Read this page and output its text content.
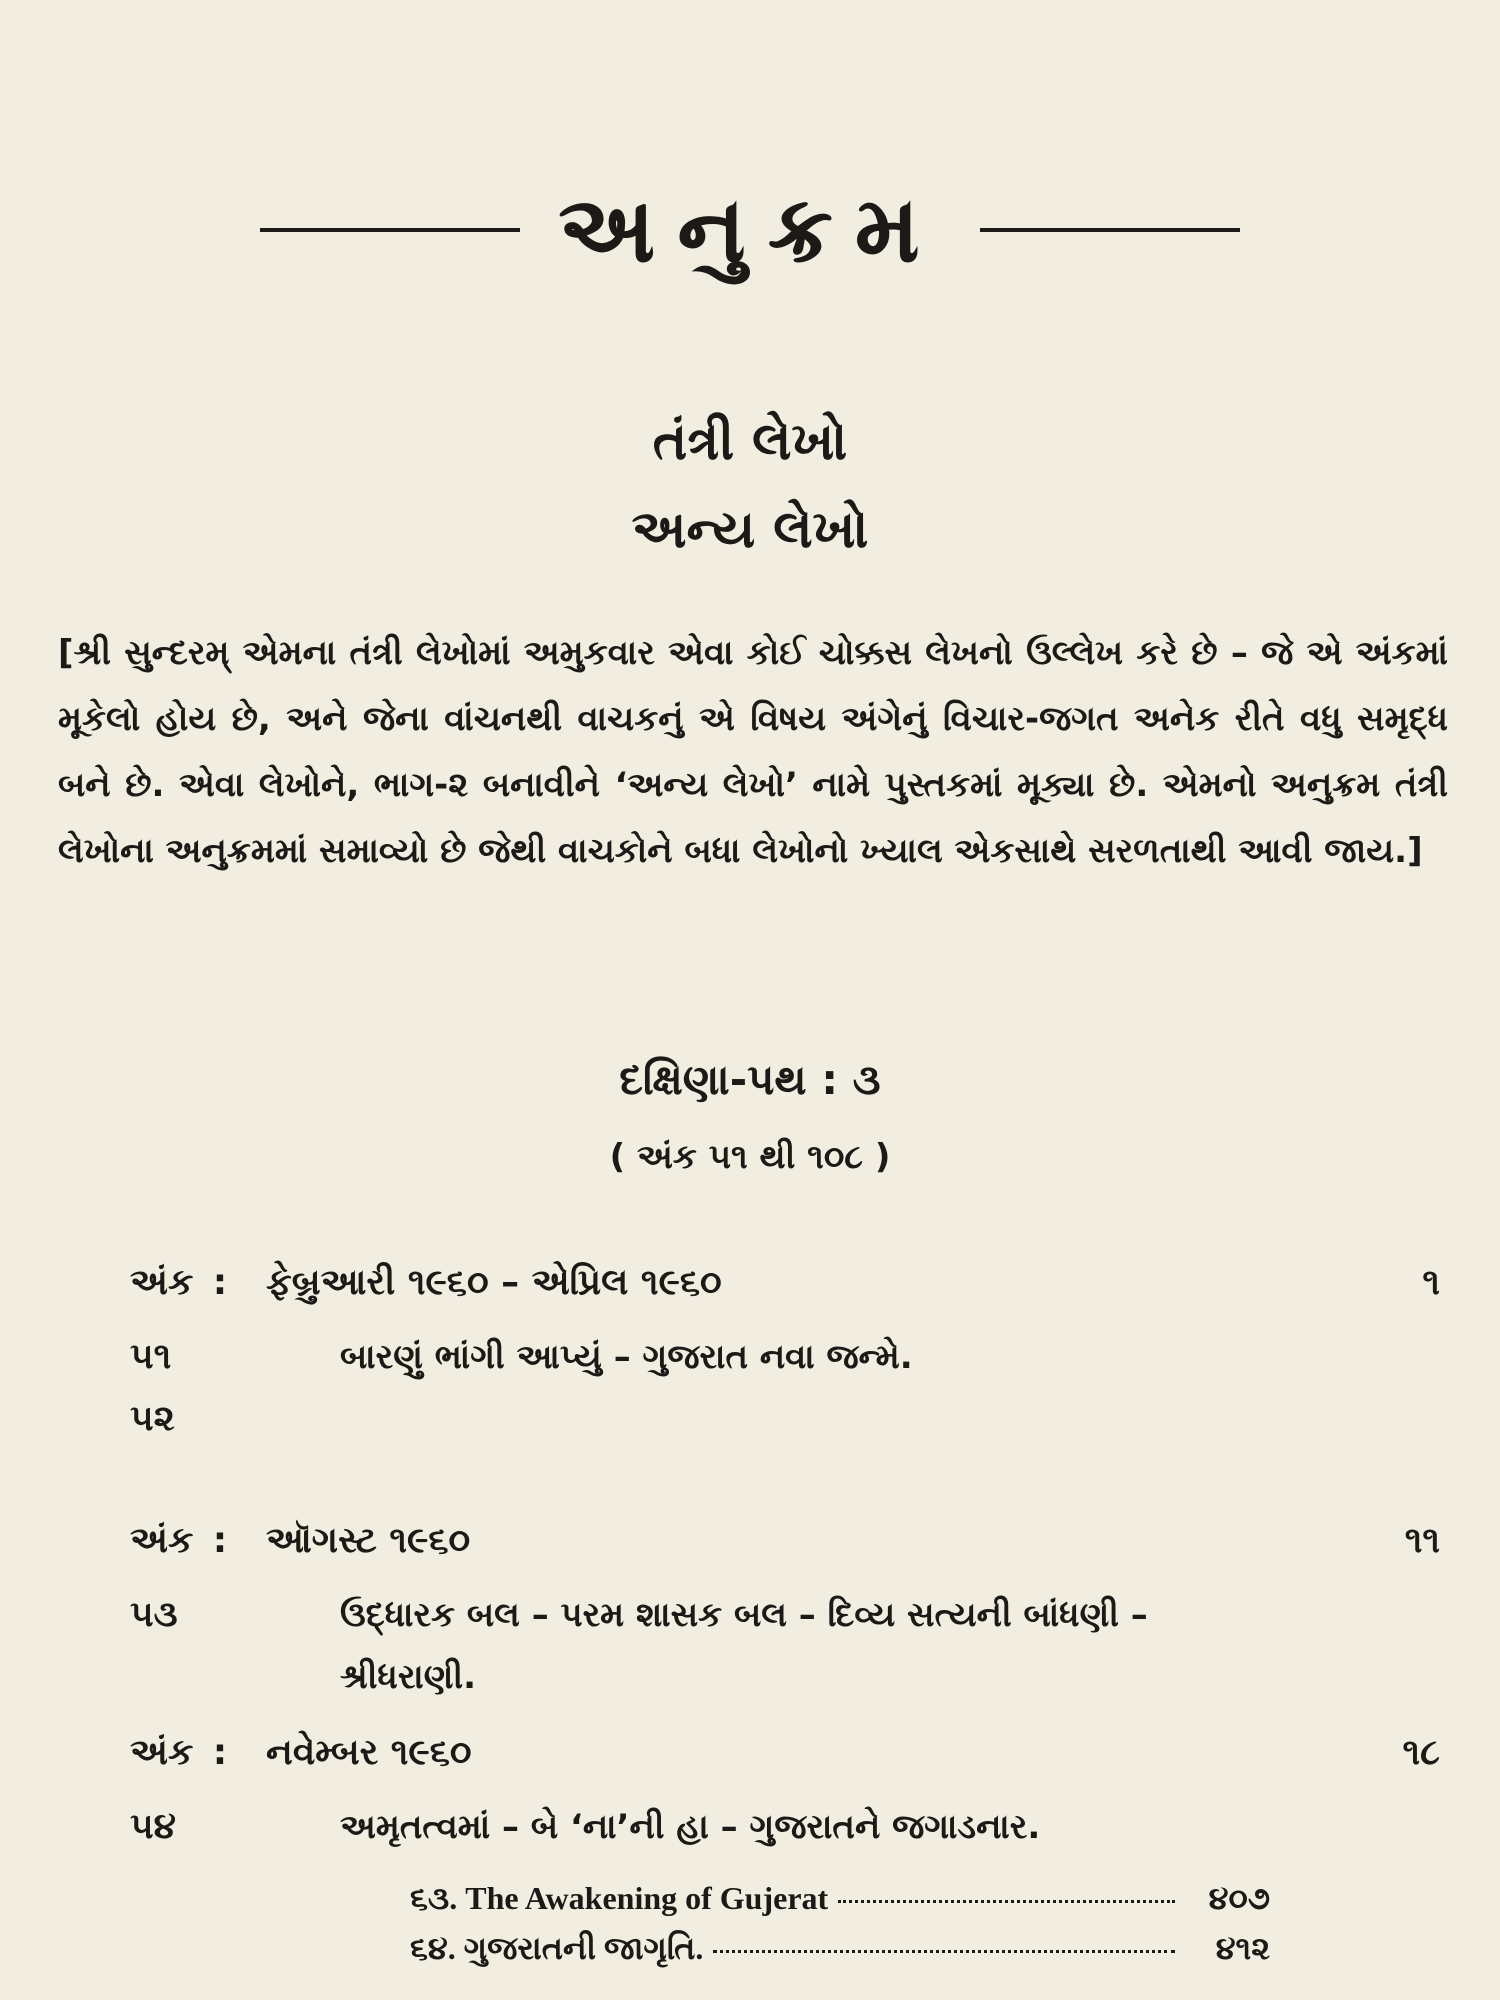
અનુક્રમ
તંત્રી લેખો
અન્ય લેખો
[શ્રી સુન્દરમ્ એમના તંત્રી લેખોમાં અમુકવાર એવા કોઈ ચોક્કસ લેખનો ઉલ્લેખ કરે છે – જે એ અંકમાં મૂકેલો હોય છે, અને જેના વાંચનથી વાચકનું એ વિષય અંગેનું વિચાર-જગત અનેક રીતે વધુ સમૃદ્ધ બને છે. એવા લેખોને, ભાગ-૨ બનાવીને ‘અન્ય લેખો’ નામે પુસ્તકમાં મૂક્યા છે. એમનો અનુક્રમ તંત્રી લેખોના અનુક્રમમાં સમાવ્યો છે જેથી વાચકોને બધા લેખોનો ખ્યાલ એકસાથે સરળતાથી આવી જાય.]
દક્ષિણા-પથ : ૩
( અંક ૫૧ થી ૧૦૮ )
અંક :	ફેબ્રુઆરી ૧૯૬૦ – એપ્રિલ ૧૯૬૦	૧
૫૧	બારણું ભાંગી આપ્યું – ગુજરાત નવા જન્મે.
૫૨
અંક :	ઑગસ્ટ ૧૯૬૦	૧૧
૫૩	ઉદ્ધારક બલ – પરમ શાસક બલ – દિવ્ય સત્યની બાંધણી – શ્રીધરાણી.
અંક :	નવેમ્બર ૧૯૬૦	૧૮
૫૪	અમૃતત્વમાં – બે ‘ના’ની હા – ગુજરાતને જગાડનાર.
૬૩. The Awakening of Gujerat	૪૦૭
૬૪. ગુજરાતની જાગૃતિ.	૪૧૨
